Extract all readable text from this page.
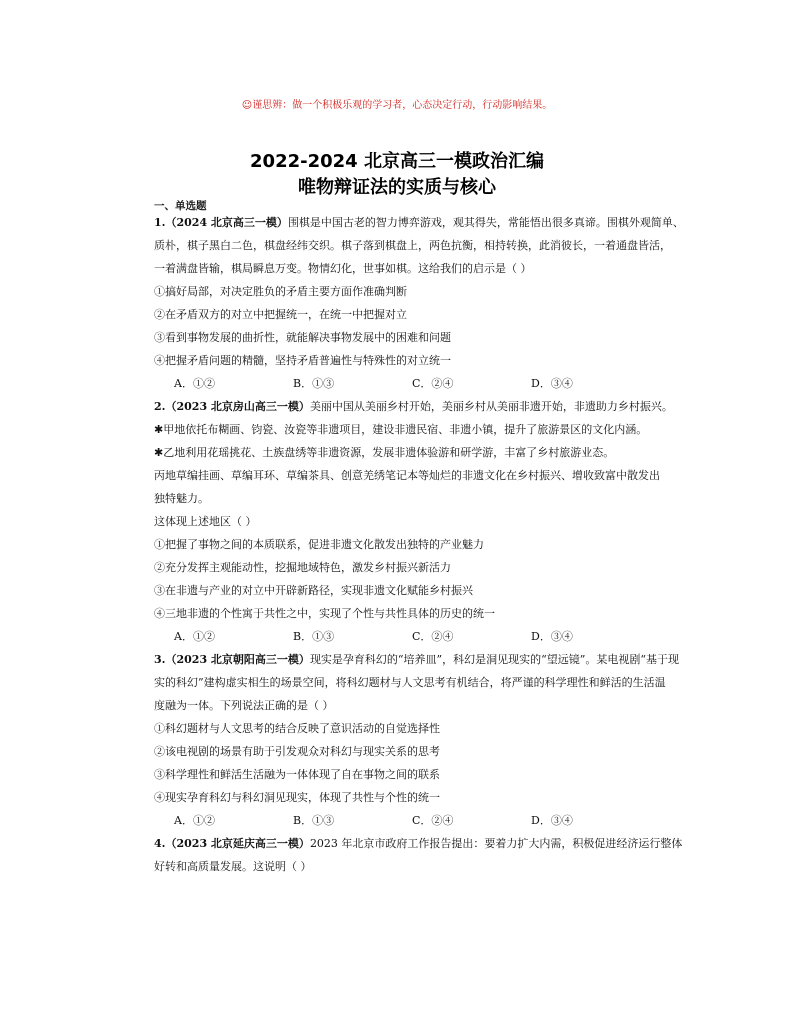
☺谨思辨：做一个积极乐观的学习者，心态决定行动，行动影响结果。
2022-2024 北京高三一模政治汇编
唯物辩证法的实质与核心
一、单选题

1.（2024 北京高三一模）围棋是中国古老的智力博弈游戏，观其得失，常能悟出很多真谛。围棋外观简单、

质朴，棋子黑白二色，棋盘经纬交织。棋子落到棋盘上，两色抗衡，相持转换，此消彼长，一着通盘皆活，

一着满盘皆输，棋局瞬息万变。物情幻化，世事如棋。这给我们的启示是（ ）

①搞好局部，对决定胜负的矛盾主要方面作准确判断

②在矛盾双方的对立中把握统一，在统一中把握对立

③看到事物发展的曲折性，就能解决事物发展中的困难和问题

④把握矛盾问题的精髓，坚持矛盾普遍性与特殊性的对立统一

A．①②	B．①③	C．②④	D．③④

2.（2023 北京房山高三一模）美丽中国从美丽乡村开始，美丽乡村从美丽非遗开始，非遗助力乡村振兴。

✱甲地依托布糊画、钧瓷、汝瓷等非遗项目，建设非遗民宿、非遗小镇，提升了旅游景区的文化内涵。

✱乙地利用花瑶挑花、土族盘绣等非遗资源，发展非遗体验游和研学游，丰富了乡村旅游业态。

丙地草编挂画、草编耳环、草编茶具、创意羌绣笔记本等灿烂的非遗文化在乡村振兴、增收致富中散发出

独特魅力。

这体现上述地区（ ）

①把握了事物之间的本质联系，促进非遗文化散发出独特的产业魅力

②充分发挥主观能动性，挖掘地域特色，激发乡村振兴新活力

③在非遗与产业的对立中开辟新路径，实现非遗文化赋能乡村振兴

④三地非遗的个性寓于共性之中，实现了个性与共性具体的历史的统一

A．①②	B．①③	C．②④	D．③④

3.（2023 北京朝阳高三一模）现实是孕育科幻的“培养皿”，科幻是洞见现实的“望远镜”。某电视剧“基于现

实的科幻”建构虚实相生的场景空间，将科幻题材与人文思考有机结合，将严谨的科学理性和鲜活的生活温

度融为一体。下列说法正确的是（ ）

①科幻题材与人文思考的结合反映了意识活动的自觉选择性

②该电视剧的场景有助于引发观众对科幻与现实关系的思考

③科学理性和鲜活生活融为一体体现了自在事物之间的联系

④现实孕育科幻与科幻洞见现实，体现了共性与个性的统一

A．①②	B．①③	C．②④	D．③④

4.（2023 北京延庆高三一模）2023 年北京市政府工作报告提出：要着力扩大内需，积极促进经济运行整体

好转和高质量发展。这说明（ ）
